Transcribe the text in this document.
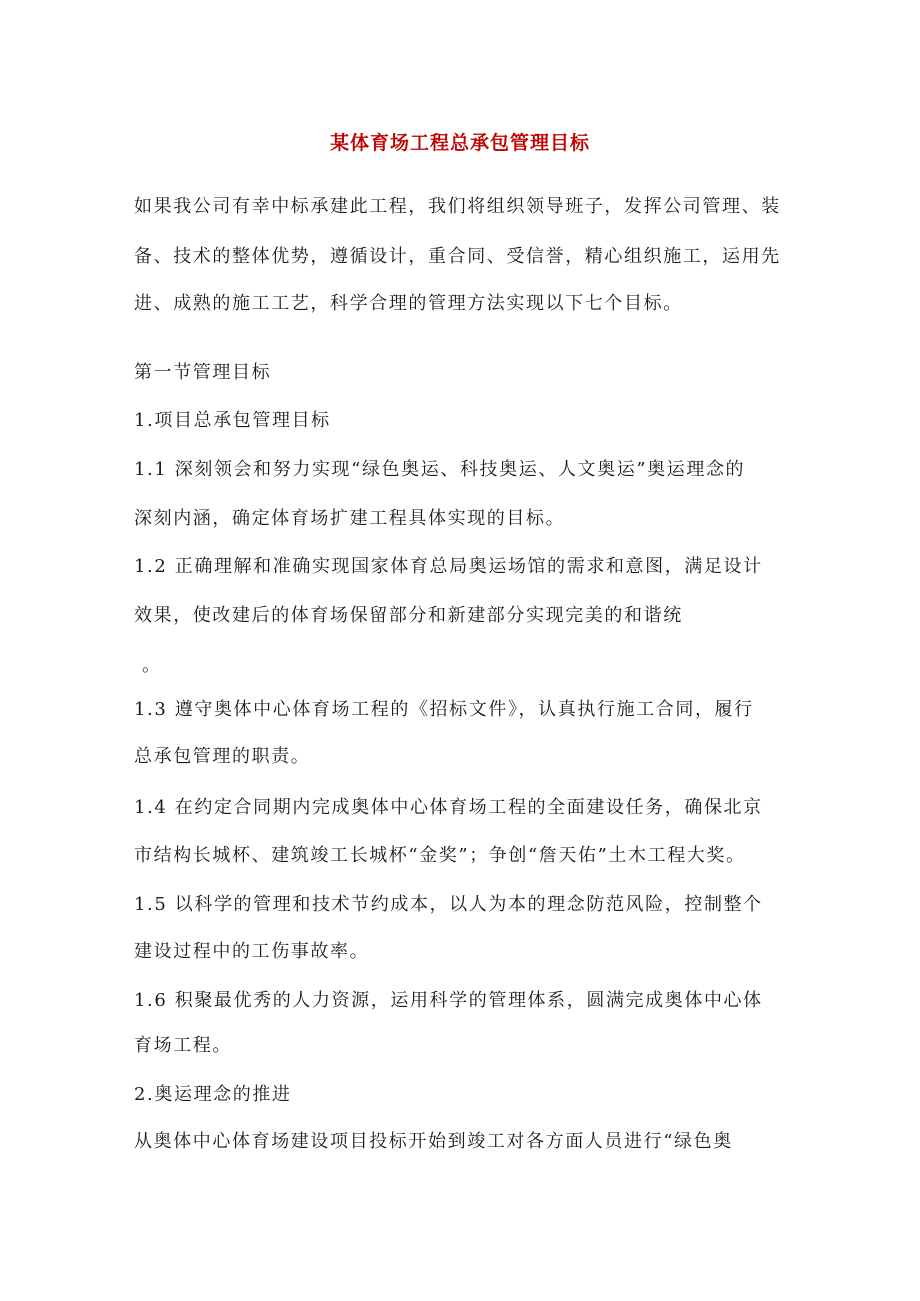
某体育场工程总承包管理目标
如果我公司有幸中标承建此工程，我们将组织领导班子，发挥公司管理、装
备、技术的整体优势，遵循设计，重合同、受信誉，精心组织施工，运用先
进、成熟的施工工艺，科学合理的管理方法实现以下七个目标。
第一节管理目标
1.项目总承包管理目标
1.1 深刻领会和努力实现“绿色奥运、科技奥运、人文奥运”奥运理念的
深刻内涵，确定体育场扩建工程具体实现的目标。
1.2 正确理解和准确实现国家体育总局奥运场馆的需求和意图，满足设计
效果，使改建后的体育场保留部分和新建部分实现完美的和谐统
。
1.3 遵守奥体中心体育场工程的《招标文件》，认真执行施工合同，履行
总承包管理的职责。
1.4 在约定合同期内完成奥体中心体育场工程的全面建设任务，确保北京
市结构长城杯、建筑竣工长城杯“金奖”；争创“詹天佑”土木工程大奖。
1.5 以科学的管理和技术节约成本，以人为本的理念防范风险，控制整个
建设过程中的工伤事故率。
1.6 积聚最优秀的人力资源，运用科学的管理体系，圆满完成奥体中心体
育场工程。
2.奥运理念的推进
从奥体中心体育场建设项目投标开始到竣工对各方面人员进行“绿色奥
